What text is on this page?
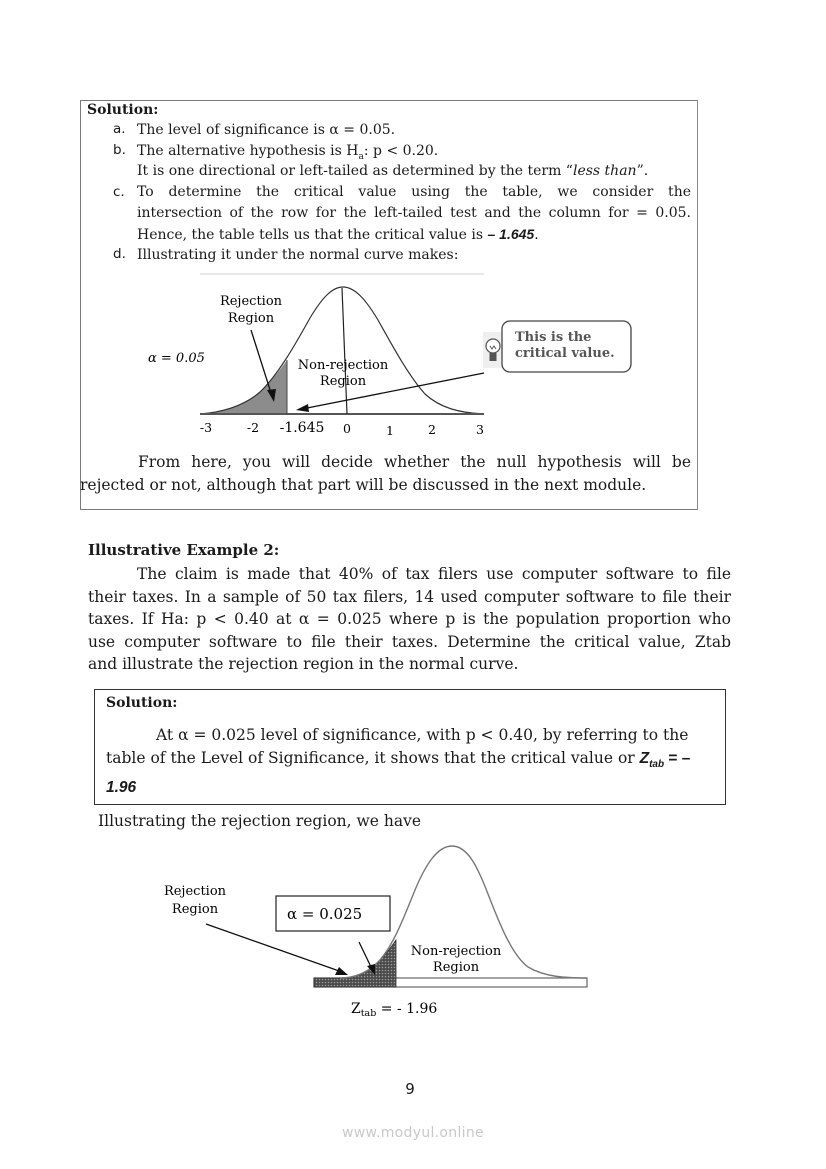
Solution:
a. The level of significance is α = 0.05.
b. The alternative hypothesis is $H_a$: p < 0.20.
It is one directional or left-tailed as determined by the term “less than”.
c. To determine the critical value using the table, we consider the
intersection of the row for the left-tailed test and the column for = 0.05.
Hence, the table tells us that the critical value is – 1.645.
d. Illustrating it under the normal curve makes:
Rejection
Region
α = 0.05	Non-rejection
Region
-3	-2 -1.645 0	1	2	3
This is the
critical value.
From here, you will decide whether the null hypothesis will be
rejected or not, although that part will be discussed in the next module.
Illustrative Example 2:
The claim is made that 40% of tax filers use computer software to file
their taxes. In a sample of 50 tax filers, 14 used computer software to file their
taxes. If Ha: p < 0.40 at α = 0.025 where p is the population proportion who
use computer software to file their taxes. Determine the critical value, Ztab
and illustrate the rejection region in the normal curve.
Solution:
At α = 0.025 level of significance, with p < 0.40, by referring to the
table of the Level of Significance, it shows that the critical value or $Z_{tab}$ = –
1.96
Illustrating the rejection region, we have
α = 0.025
Rejection
Region
Non-rejection
Region
$Z_{tab}$ = - 1.96
9
www.modyul.online
